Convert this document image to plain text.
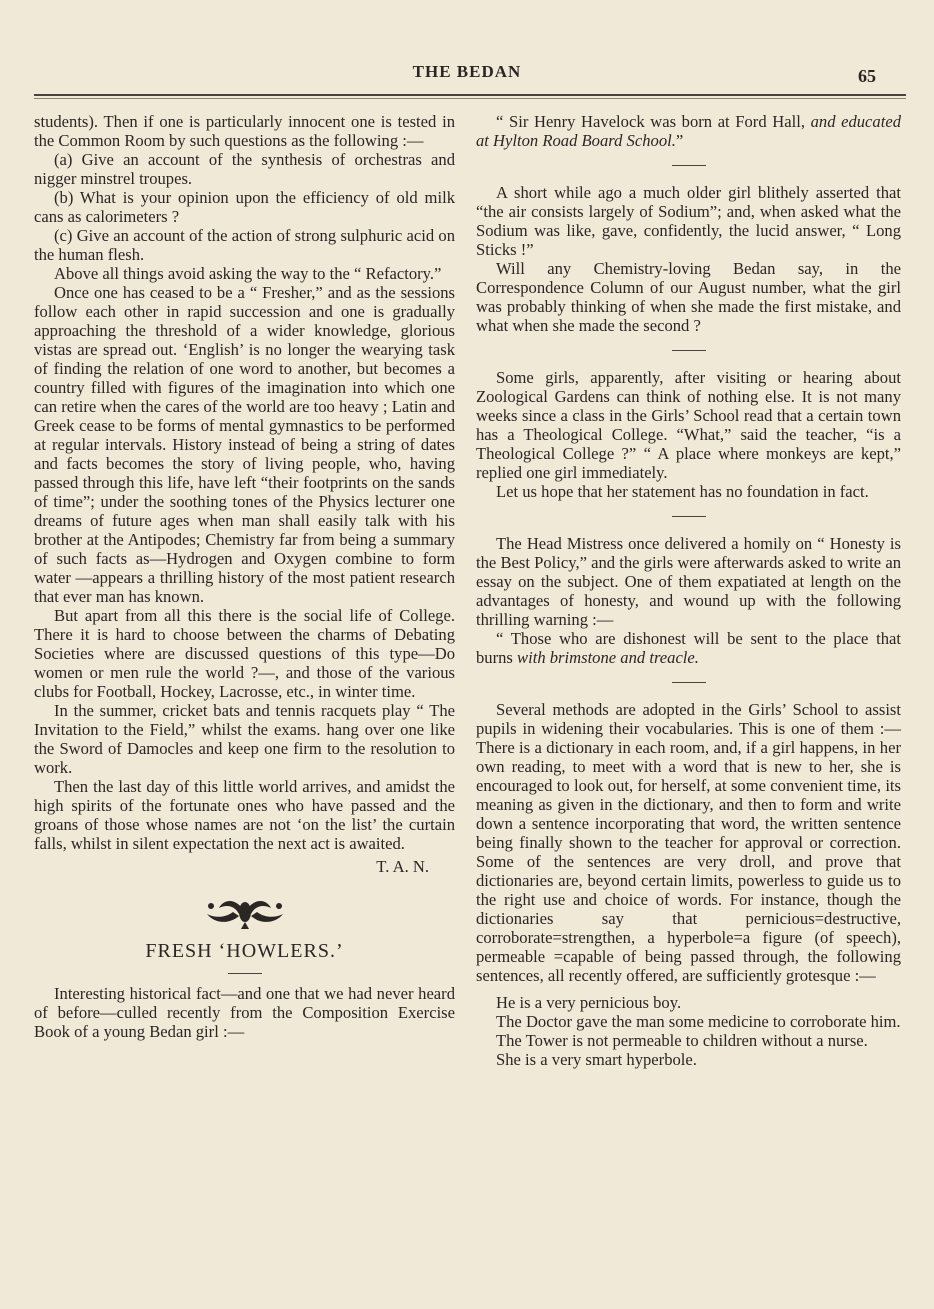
THE BEDAN	65

students). Then if one is particularly innocent one is tested in the Common Room by such questions as the following :—

(a) Give an account of the synthesis of orchestras and nigger minstrel troupes.

(b) What is your opinion upon the efficiency of old milk cans as calorimeters ?

(c) Give an account of the action of strong sulphuric acid on the human flesh.

Above all things avoid asking the way to the “ Refactory.”

Once one has ceased to be a “ Fresher,” and as the sessions follow each other in rapid succession and one is gradually approaching the threshold of a wider knowledge, glorious vistas are spread out. ‘English’ is no longer the wearying task of finding the relation of one word to another, but becomes a country filled with figures of the imagination into which one can retire when the cares of the world are too heavy ; Latin and Greek cease to be forms of mental gymnastics to be performed at regular intervals. History instead of being a string of dates and facts becomes the story of living people, who, having passed through this life, have left “their footprints on the sands of time”; under the soothing tones of the Physics lecturer one dreams of future ages when man shall easily talk with his brother at the Antipodes; Chemistry far from being a summary of such facts as—Hydrogen and Oxygen combine to form water —appears a thrilling history of the most patient research that ever man has known.

But apart from all this there is the social life of College. There it is hard to choose between the charms of Debating Societies where are discussed questions of this type—Do women or men rule the world ?—, and those of the various clubs for Football, Hockey, Lacrosse, etc., in winter time.

In the summer, cricket bats and tennis racquets play “ The Invitation to the Field,” whilst the exams. hang over one like the Sword of Damocles and keep one firm to the resolution to work.

Then the last day of this little world arrives, and amidst the high spirits of the fortunate ones who have passed and the groans of those whose names are not ‘on the list’ the curtain falls, whilst in silent expectation the next act is awaited.

T. A. N.

FRESH ‘HOWLERS.’

Interesting historical fact—and one that we had never heard of before—culled recently from the Composition Exercise Book of a young Bedan girl :—

“ Sir Henry Havelock was born at Ford Hall, and educated at Hylton Road Board School.”

A short while ago a much older girl blithely asserted that “the air consists largely of Sodium”; and, when asked what the Sodium was like, gave, confidently, the lucid answer, “ Long Sticks !”

Will any Chemistry-loving Bedan say, in the Correspondence Column of our August number, what the girl was probably thinking of when she made the first mistake, and what when she made the second ?

Some girls, apparently, after visiting or hearing about Zoological Gardens can think of nothing else. It is not many weeks since a class in the Girls’ School read that a certain town has a Theological College. “What,” said the teacher, “is a Theological College ?” “ A place where monkeys are kept,” replied one girl immediately.

Let us hope that her statement has no foundation in fact.

The Head Mistress once delivered a homily on “ Honesty is the Best Policy,” and the girls were afterwards asked to write an essay on the subject. One of them expatiated at length on the advantages of honesty, and wound up with the following thrilling warning :—

“ Those who are dishonest will be sent to the place that burns with brimstone and treacle.

Several methods are adopted in the Girls’ School to assist pupils in widening their vocabularies. This is one of them :—There is a dictionary in each room, and, if a girl happens, in her own reading, to meet with a word that is new to her, she is encouraged to look out, for herself, at some convenient time, its meaning as given in the dictionary, and then to form and write down a sentence incorporating that word, the written sentence being finally shown to the teacher for approval or correction. Some of the sentences are very droll, and prove that dictionaries are, beyond certain limits, powerless to guide us to the right use and choice of words. For instance, though the dictionaries say that pernicious=destructive, corroborate=strengthen, a hyperbole=a figure (of speech), permeable =capable of being passed through, the following sentences, all recently offered, are sufficiently grotesque :—

He is a very pernicious boy.

The Doctor gave the man some medicine to corroborate him.

The Tower is not permeable to children without a nurse.

She is a very smart hyperbole.
